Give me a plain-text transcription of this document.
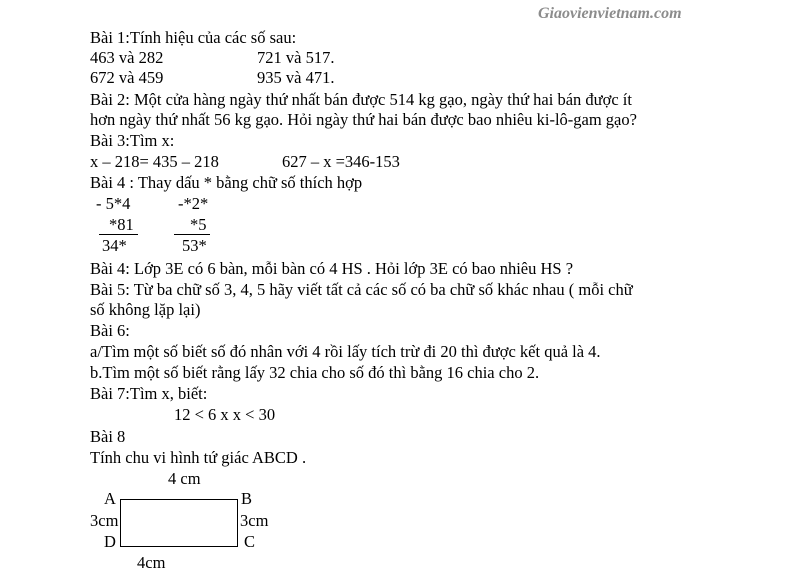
Giaovienvietnam.com
Bài 1:Tính hiệu của các số sau:
463 và 282	721 và 517.
672 và 459	935 và 471.
Bài 2: Một cửa hàng ngày thứ nhất bán được 514 kg gạo, ngày thứ hai bán được ít
hơn ngày thứ nhất 56 kg gạo. Hỏi ngày thứ hai bán được bao nhiêu ki-lô-gam gạo?
Bài 3:Tìm x:
x – 218= 435 – 218	627 – x =346-153
Bài 4 : Thay dấu * bằng chữ số thích hợp
- 5*4
*81
34*
-*2*
*5
53*
Bài 4: Lớp 3E có 6 bàn, mỗi bàn có 4 HS . Hỏi lớp 3E có bao nhiêu HS ?
Bài 5: Từ ba chữ số 3, 4, 5 hãy viết tất cả các số có ba chữ số khác nhau ( mỗi chữ
số không lặp lại)
Bài 6:
a/Tìm một số biết số đó nhân với 4 rồi lấy tích trừ đi 20 thì được kết quả là 4.
b.Tìm một số biết rằng lấy 32 chia cho số đó thì bằng 16 chia cho 2.
Bài 7:Tìm x, biết:
12 < 6 x x < 30
Bài 8
Tính chu vi hình tứ giác ABCD .
4 cm
A	B
C
D
3cm	3cm
4cm
